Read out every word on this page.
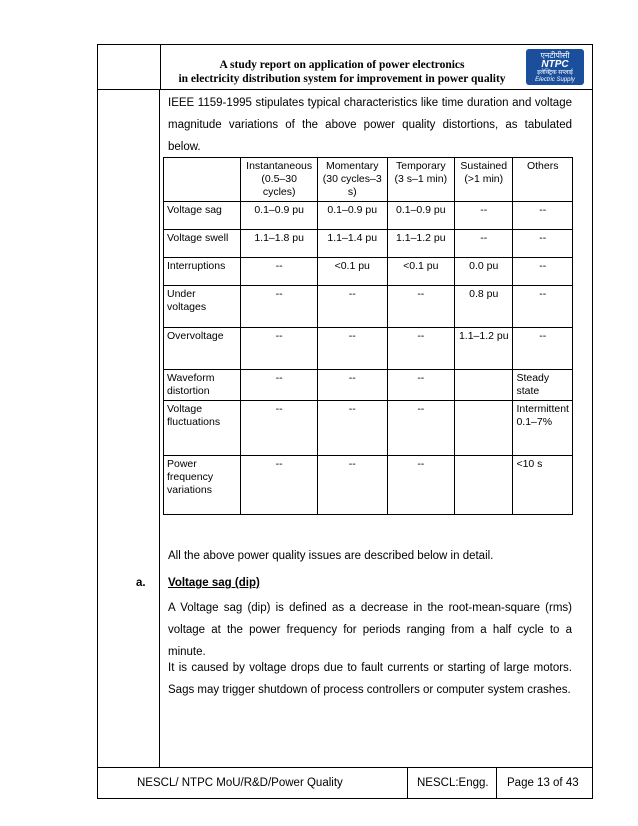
A study report on application of power electronics
in electricity distribution system for improvement in power quality
एनटीपीसी
NTPC
इलेक्ट्रिक सप्लाई
Electric Supply
IEEE 1159-1995 stipulates typical characteristics like time duration and voltage magnitude variations of the above power quality distortions, as tabulated below.
	Instantaneous (0.5–30 cycles)	Momentary (30 cycles–3 s)	Temporary (3 s–1 min)	Sustained (>1 min)	Others
Voltage sag	0.1–0.9 pu	0.1–0.9 pu	0.1–0.9 pu	--	--
Voltage swell	1.1–1.8 pu	1.1–1.4 pu	1.1–1.2 pu	--	--
Interruptions	--	<0.1 pu	<0.1 pu	0.0 pu	--
Under voltages	--	--	--	0.8 pu	--
Overvoltage	--	--	--	1.1–1.2 pu	--
Waveform distortion	--	--	--		Steady state
Voltage fluctuations	--	--	--		Intermittent 0.1–7%
Power frequency variations	--	--	--		<10 s
All the above power quality issues are described below in detail.
a. Voltage sag (dip)
A Voltage sag (dip) is defined as a decrease in the root-mean-square (rms) voltage at the power frequency for periods ranging from a half cycle to a minute.
It is caused by voltage drops due to fault currents or starting of large motors. Sags may trigger shutdown of process controllers or computer system crashes.
NESCL/ NTPC MoU/R&D/Power Quality	NESCL:Engg. Page 13 of 43
